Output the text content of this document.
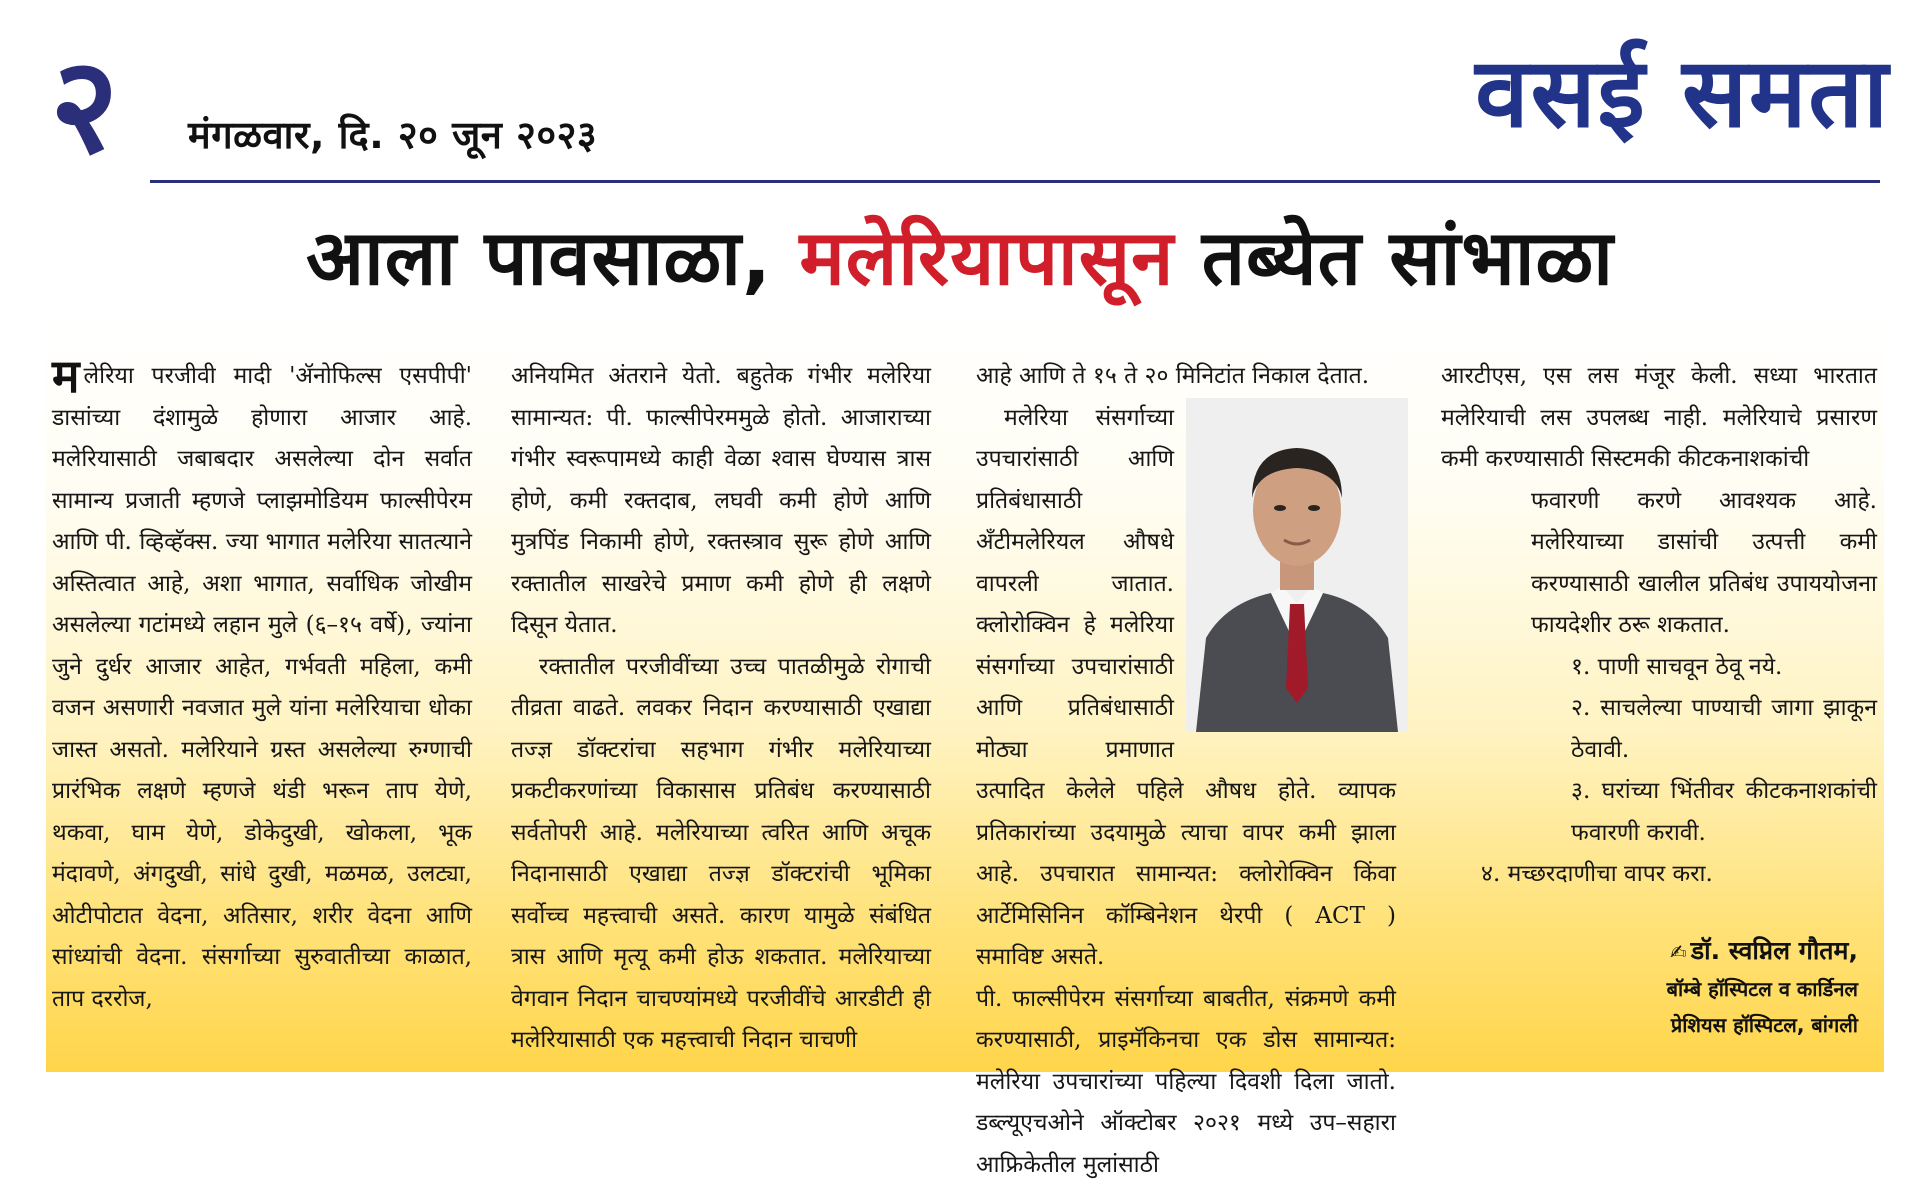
२ मंगळवार, दि. २० जून २०२३	वसई समता
आला पावसाळा, मलेरियापासून तब्येत सांभाळा

मलेरिया परजीवी मादी 'ॲनोफिल्स एसपीपी' डासांच्या दंशामुळे होणारा आजार आहे. मलेरियासाठी जबाबदार असलेल्या दोन सर्वात सामान्य प्रजाती म्हणजे प्लाझमोडियम फाल्सीपेरम आणि पी. व्हिव्हॅक्स. ज्या भागात मलेरिया सातत्याने अस्तित्वात आहे, अशा भागात, सर्वाधिक जोखीम असलेल्या गटांमध्ये लहान मुले (६–१५ वर्षे), ज्यांना जुने दुर्धर आजार आहेत, गर्भवती महिला, कमी वजन असणारी नवजात मुले यांना मलेरियाचा धोका जास्त असतो. मलेरियाने ग्रस्त असलेल्या रुग्णाची प्रारंभिक लक्षणे म्हणजे थंडी भरून ताप येणे, थकवा, घाम येणे, डोकेदुखी, खोकला, भूक मंदावणे, अंगदुखी, सांधे दुखी, मळमळ, उलट्या, ओटीपोटात वेदना, अतिसार, शरीर वेदना आणि सांध्यांची वेदना. संसर्गाच्या सुरुवातीच्या काळात, ताप दररोज,

अनियमित अंतराने येतो. बहुतेक गंभीर मलेरिया सामान्यत: पी. फाल्सीपेरममुळे होतो. आजाराच्या गंभीर स्वरूपामध्ये काही वेळा श्वास घेण्यास त्रास होणे, कमी रक्तदाब, लघवी कमी होणे आणि मुत्रपिंड निकामी होणे, रक्तस्त्राव सुरू होणे आणि रक्तातील साखरेचे प्रमाण कमी होणे ही लक्षणे दिसून येतात.

रक्तातील परजीवींच्या उच्च पातळीमुळे रोगाची तीव्रता वाढते. लवकर निदान करण्यासाठी एखाद्या तज्ज्ञ डॉक्टरांचा सहभाग गंभीर मलेरियाच्या प्रकटीकरणांच्या विकासास प्रतिबंध करण्यासाठी सर्वतोपरी आहे. मलेरियाच्या त्वरित आणि अचूक निदानासाठी एखाद्या तज्ज्ञ डॉक्टरांची भूमिका सर्वोच्च महत्त्वाची असते. कारण यामुळे संबंधित त्रास आणि मृत्यू कमी होऊ शकतात. मलेरियाच्या वेगवान निदान चाचण्यांमध्ये परजीवींचे आरडीटी ही मलेरियासाठी एक महत्त्वाची निदान चाचणी

आहे आणि ते १५ ते २० मिनिटांत निकाल देतात.

मलेरिया संसर्गाच्या उपचारांसाठी आणि प्रतिबंधासाठी ॲंटीमलेरियल औषधे वापरली जातात. क्लोरोक्विन हे मलेरिया संसर्गाच्या उपचारांसाठी आणि प्रतिबंधासाठी मोठ्या प्रमाणात उत्पादित केलेले पहिले औषध होते. व्यापक प्रतिकारांच्या उदयामुळे त्याचा वापर कमी झाला आहे. उपचारात सामान्यत: क्लोरोक्विन किंवा आर्टेमिसिनिन कॉम्बिनेशन थेरपी ( ACT ) समाविष्ट असते.

पी. फाल्सीपेरम संसर्गाच्या बाबतीत, संक्रमणे कमी करण्यासाठी, प्राइमॅकिनचा एक डोस सामान्यत: मलेरिया उपचारांच्या पहिल्या दिवशी दिला जातो. डब्ल्यूएचओने ऑक्टोबर २०२१ मध्ये उप–सहारा आफ्रिकेतील मुलांसाठी

आरटीएस, एस लस मंजूर केली. सध्या भारतात मलेरियाची लस उपलब्ध नाही. मलेरियाचे प्रसारण कमी करण्यासाठी सिस्टमकी कीटकनाशकांची

फवारणी करणे आवश्यक आहे. मलेरियाच्या डासांची उत्पत्ती कमी करण्यासाठी खालील प्रतिबंध उपाययोजना फायदेशीर ठरू शकतात.

१. पाणी साचवून ठेवू नये.

२. साचलेल्या पाण्याची जागा झाकून ठेवावी.

३. घरांच्या भिंतीवर कीटकनाशकांची फवारणी करावी.

४. मच्छरदाणीचा वापर करा.

✍ डॉ. स्वप्निल गौतम,
बॉम्बे हॉस्पिटल व कार्डिनल
प्रेशियस हॉस्पिटल, बांगली
